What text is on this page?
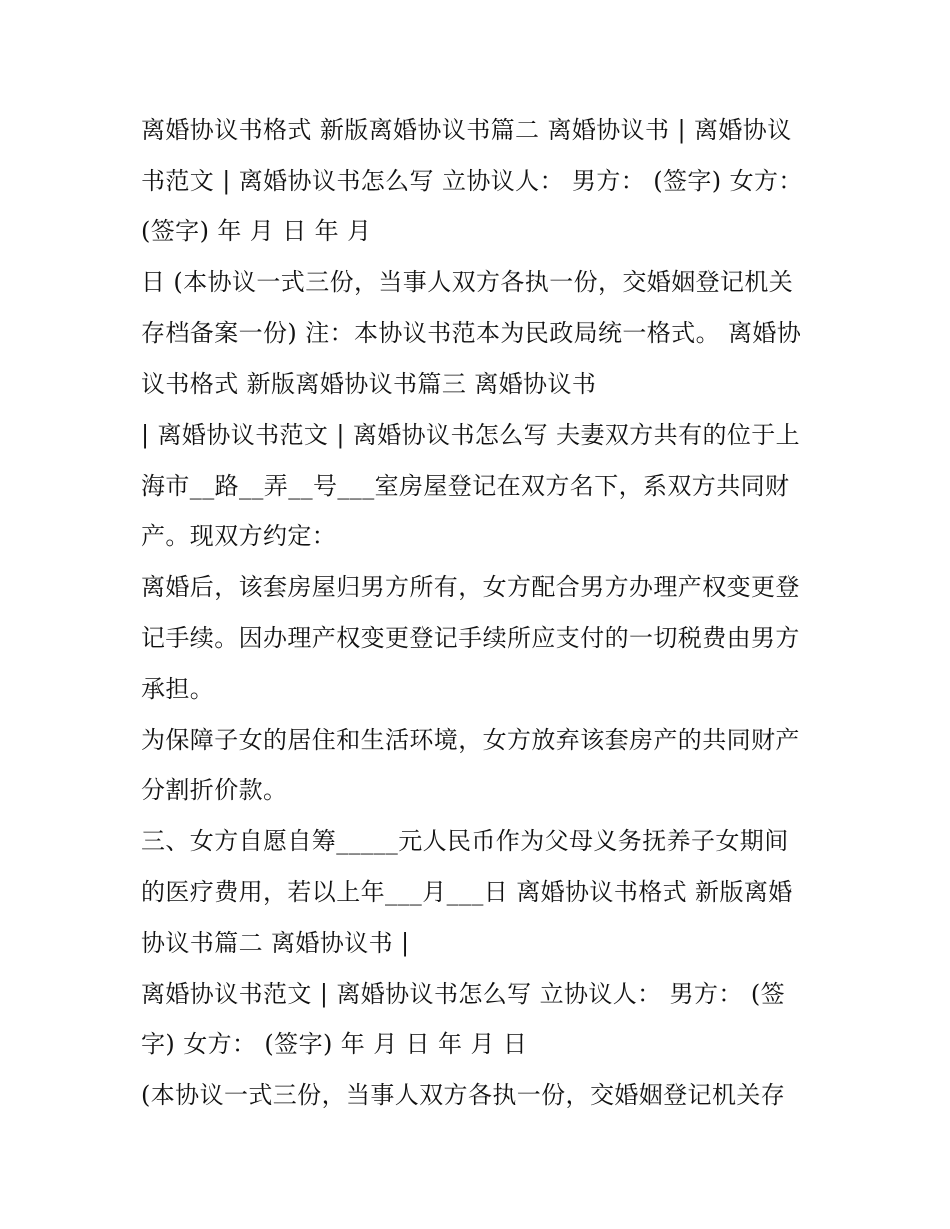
离婚协议书格式 新版离婚协议书篇二 离婚协议书 | 离婚协议
书范文 | 离婚协议书怎么写 立协议人： 男方： (签字) 女方：
(签字) 年 月 日 年 月
日 (本协议一式三份，当事人双方各执一份，交婚姻登记机关
存档备案一份) 注：本协议书范本为民政局统一格式。 离婚协
议书格式 新版离婚协议书篇三 离婚协议书
| 离婚协议书范文 | 离婚协议书怎么写 夫妻双方共有的位于上
海市__路__弄__号___室房屋登记在双方名下，系双方共同财
产。现双方约定：
离婚后，该套房屋归男方所有，女方配合男方办理产权变更登
记手续。因办理产权变更登记手续所应支付的一切税费由男方
承担。
为保障子女的居住和生活环境，女方放弃该套房产的共同财产
分割折价款。
三、女方自愿自筹_____元人民币作为父母义务抚养子女期间
的医疗费用，若以上年___月___日 离婚协议书格式 新版离婚
协议书篇二 离婚协议书 |
离婚协议书范文 | 离婚协议书怎么写 立协议人： 男方： (签
字) 女方： (签字) 年 月 日 年 月 日
(本协议一式三份，当事人双方各执一份，交婚姻登记机关存
